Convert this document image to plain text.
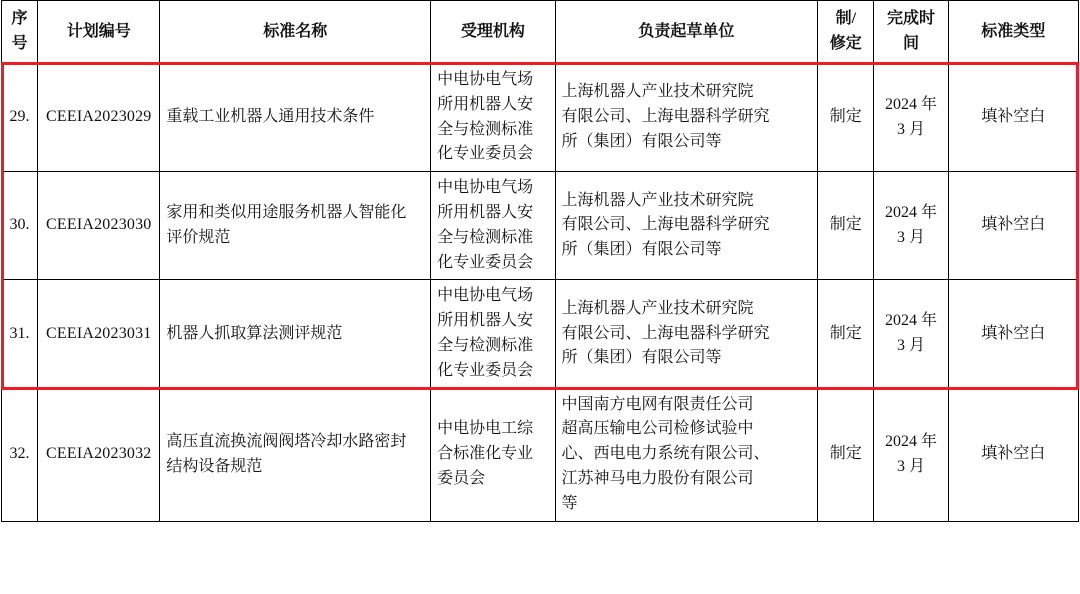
序
号	计划编号	标准名称	受理机构	负责起草单位	制/
修定	完成时
间	标准类型
29.	CEEIA2023029	重载工业机器人通用技术条件	中电协电气场
所用机器人安
全与检测标准
化专业委员会	上海机器人产业技术研究院
有限公司、上海电器科学研究
所（集团）有限公司等	制定	2024 年
3 月	填补空白
30.	CEEIA2023030	家用和类似用途服务机器人智能化
评价规范	中电协电气场
所用机器人安
全与检测标准
化专业委员会	上海机器人产业技术研究院
有限公司、上海电器科学研究
所（集团）有限公司等	制定	2024 年
3 月	填补空白
31.	CEEIA2023031	机器人抓取算法测评规范	中电协电气场
所用机器人安
全与检测标准
化专业委员会	上海机器人产业技术研究院
有限公司、上海电器科学研究
所（集团）有限公司等	制定	2024 年
3 月	填补空白
32.	CEEIA2023032	高压直流换流阀阀塔冷却水路密封
结构设备规范	中电协电工综
合标准化专业
委员会	中国南方电网有限责任公司
超高压输电公司检修试验中
心、西电电力系统有限公司、
江苏神马电力股份有限公司
等	制定	2024 年
3 月	填补空白
